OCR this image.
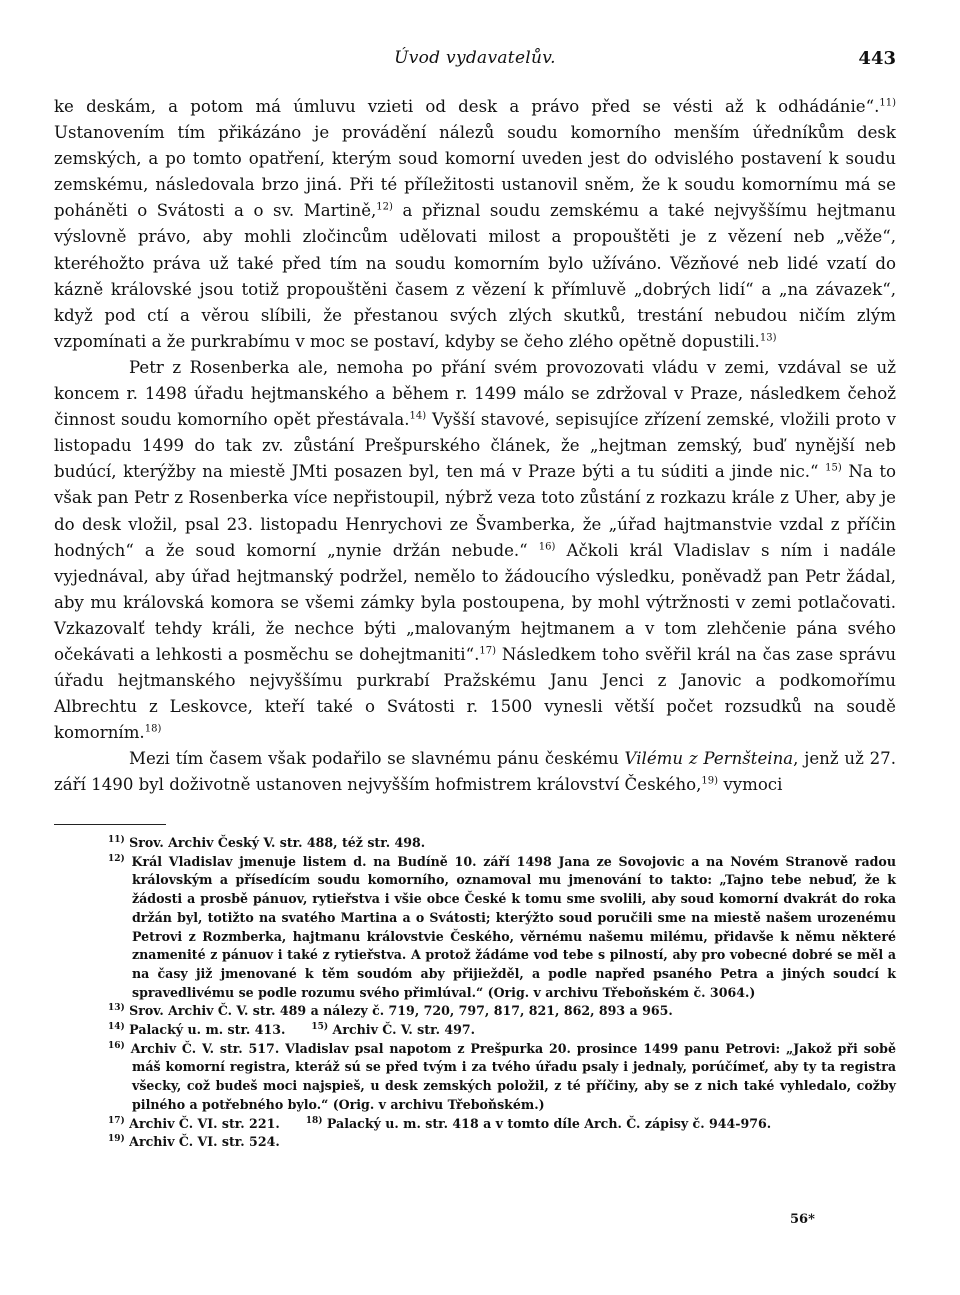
Úvod vydavatelův.	443

ke deskám, a potom má úmluvu vzieti od desk a právo před se vésti až k odhádánie“.$^{11)}$ Ustanovením tím přikázáno je provádění nálezů soudu komorního menším úředníkům desk zemských, a po tomto opatření, kterým soud komorní uveden jest do odvislého postavení k soudu zemskému, následovala brzo jiná. Při té příležitosti ustanovil sněm, že k soudu komornímu má se poháněti o Svátosti a o sv. Martině,$^{12)}$ a přiznal soudu zemskému a také nejvyššímu hejtmanu výslovně právo, aby mohli zločincům udělovati milost a propouštěti je z vězení neb „věže“, kteréhožto práva už také před tím na soudu komorním bylo užíváno. Vězňové neb lidé vzatí do kázně královské jsou totiž propouštěni časem z vězení k přímluvě „dobrých lidí“ a „na závazek“, když pod ctí a věrou slíbili, že přestanou svých zlých skutků, trestání nebudou ničím zlým vzpomínati a že purkrabímu v moc se postaví, kdyby se čeho zlého opětně dopustili.$^{13)}$

Petr z Rosenberka ale, nemoha po přání svém provozovati vládu v zemi, vzdával se už koncem r. 1498 úřadu hejtmanského a během r. 1499 málo se zdržoval v Praze, následkem čehož činnost soudu komorního opět přestávala.$^{14)}$ Vyšší stavové, sepisujíce zřízení zemské, vložili proto v listopadu 1499 do tak zv. zůstání Prešpurského článek, že „hejtman zemský, buď nynější neb budúcí, kterýžby na miestě JMti posazen byl, ten má v Praze býti a tu súditi a jinde nic.“ $^{15)}$ Na to však pan Petr z Rosenberka více nepřistoupil, nýbrž veza toto zůstání z rozkazu krále z Uher, aby je do desk vložil, psal 23. listopadu Henrychovi ze Švamberka, že „úřad hajtmanstvie vzdal z příčin hodných“ a že soud komorní „nynie držán nebude.“ $^{16)}$ Ačkoli král Vladislav s ním i nadále vyjednával, aby úřad hejtmanský podržel, nemělo to žádoucího výsledku, poněvadž pan Petr žádal, aby mu královská komora se všemi zámky byla postoupena, by mohl výtržnosti v zemi potlačovati. Vzkazovalť tehdy králi, že nechce býti „malovaným hejtmanem a v tom zlehčenie pána svého očekávati a lehkosti a posměchu se dohejtmaniti“.$^{17)}$ Následkem toho svěřil král na čas zase správu úřadu hejtmanského nejvyššímu purkrabí Pražskému Janu Jenci z Janovic a podkomořímu Albrechtu z Leskovce, kteří také o Svátosti r. 1500 vynesli větší počet rozsudků na soudě komorním.$^{18)}$

Mezi tím časem však podařilo se slavnému pánu českému Vilému z Pernšteina, jenž už 27. září 1490 byl doživotně ustanoven nejvyšším hofmistrem království Českého,$^{19)}$ vymoci

$^{11)}$ Srov. Archiv Český V. str. 488, též str. 498.
$^{12)}$ Král Vladislav jmenuje listem d. na Budíně 10. září 1498 Jana ze Sovojovic a na Novém Stranově radou královským a přísedícím soudu komorního, oznamoval mu jmenování to takto: „Tajno tebe nebuď, že k žádosti a prosbě pánuov, rytieřstva i všie obce České k tomu sme svolili, aby soud komorní dvakrát do roka držán byl, totižto na svatého Martina a o Svátosti; kterýžto soud poručili sme na miestě našem urozenému Petrovi z Rozmberka, hajtmanu královstvie Českého, věrnému našemu milému, přidavše k němu některé znamenité z pánuov i také z rytieřstva. A protož žádáme vod tebe s pilností, aby pro vobecné dobré se měl a na časy již jmenované k těm soudóm aby přijiežděl, a podle napřed psaného Petra a jiných soudcí k spravedlivému se podle rozumu svého přimlúval.“ (Orig. v archivu Třeboňském č. 3064.)
$^{13)}$ Srov. Archiv Č. V. str. 489 a nálezy č. 719, 720, 797, 817, 821, 862, 893 a 965.
$^{14)}$ Palacký u. m. str. 413.	$^{15)}$ Archiv Č. V. str. 497.
$^{16)}$ Archiv Č. V. str. 517. Vladislav psal napotom z Prešpurka 20. prosince 1499 panu Petrovi: „Jakož při sobě máš komorní registra, kteráž sú se před tvým i za tvého úřadu psaly i jednaly, porúčímeť, aby ty ta registra všecky, což budeš moci najspieš, u desk zemských položil, z té příčiny, aby se z nich také vyhledalo, cožby pilného a potřebného bylo.“ (Orig. v archivu Třeboňském.)
$^{17)}$ Archiv Č. VI. str. 221.	$^{18)}$ Palacký u. m. str. 418 a v tomto díle Arch. Č. zápisy č. 944-976.
$^{19)}$ Archiv Č. VI. str. 524.
56*
